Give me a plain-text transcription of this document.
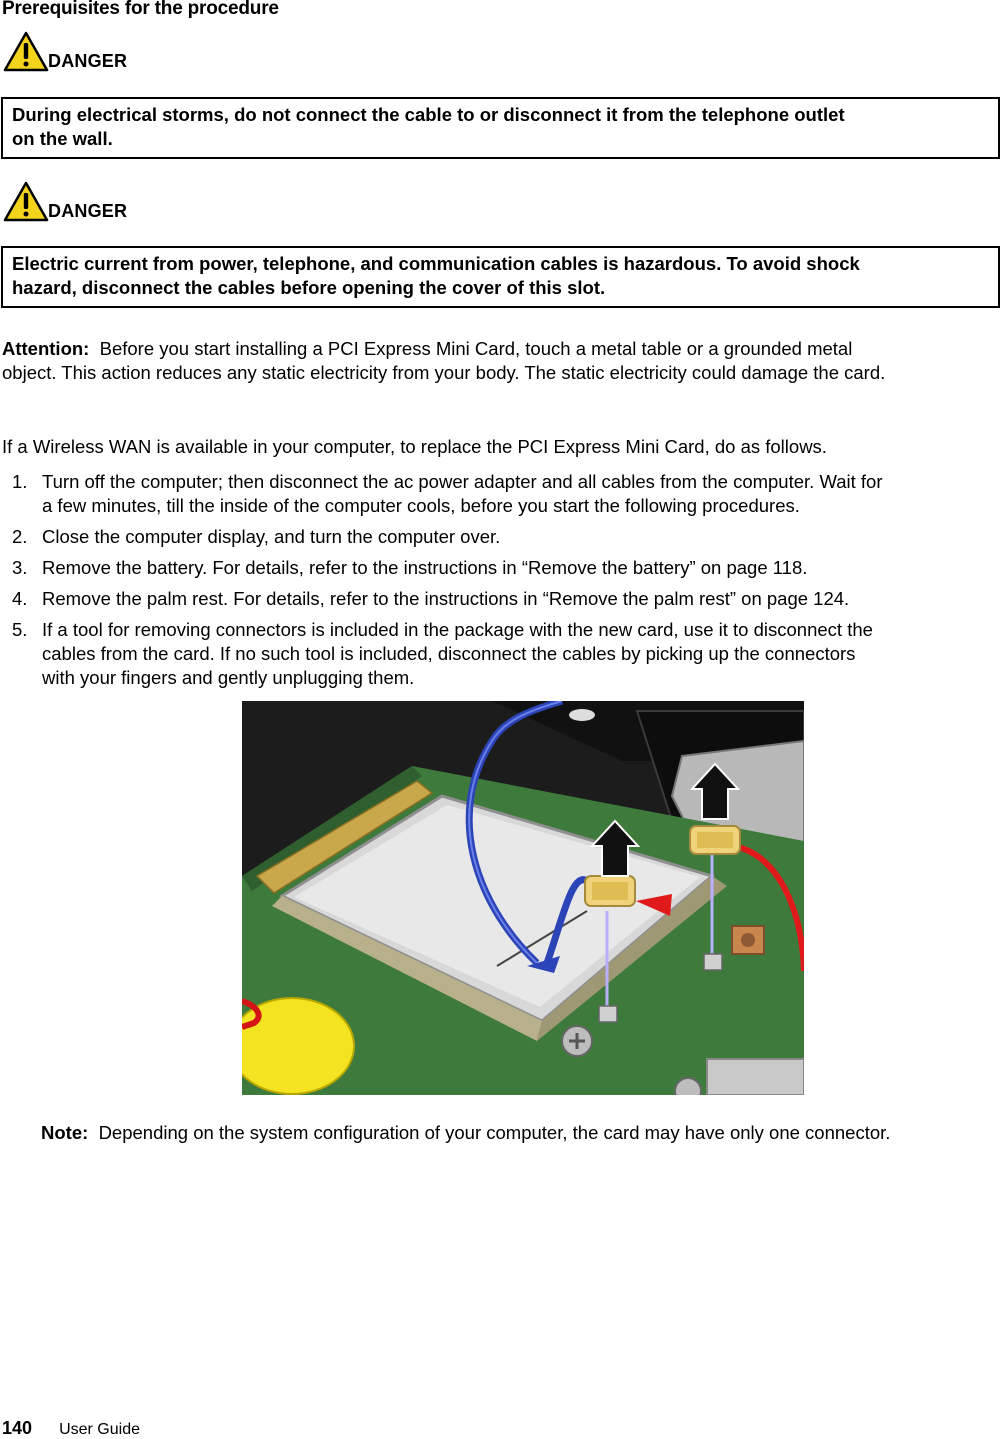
Prerequisites for the procedure
DANGER
During electrical storms, do not connect the cable to or disconnect it from the telephone outlet
on the wall.
DANGER
Electric current from power, telephone, and communication cables is hazardous. To avoid shock
hazard, disconnect the cables before opening the cover of this slot.
Attention: Before you start installing a PCI Express Mini Card, touch a metal table or a grounded metal
object. This action reduces any static electricity from your body. The static electricity could damage the card.

If a Wireless WAN is available in your computer, to replace the PCI Express Mini Card, do as follows.

1. Turn off the computer; then disconnect the ac power adapter and all cables from the computer. Wait for
a few minutes, till the inside of the computer cools, before you start the following procedures.
2. Close the computer display, and turn the computer over.
3. Remove the battery. For details, refer to the instructions in “Remove the battery” on page 118.
4. Remove the palm rest. For details, refer to the instructions in “Remove the palm rest” on page 124.
5. If a tool for removing connectors is included in the package with the new card, use it to disconnect the
cables from the card. If no such tool is included, disconnect the cables by picking up the connectors
with your fingers and gently unplugging them.

Note: Depending on the system configuration of your computer, the card may have only one connector.

140 User Guide
